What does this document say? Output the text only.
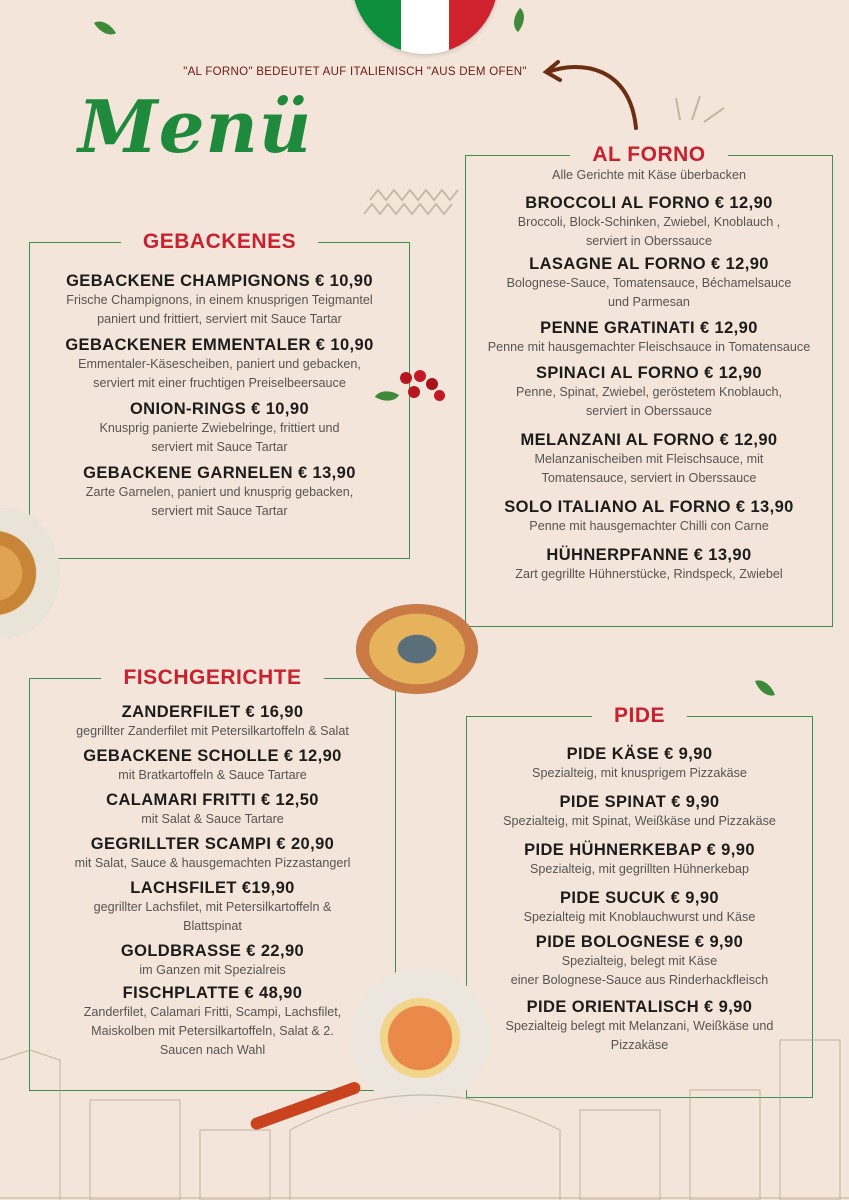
"AL FORNO" BEDEUTET AUF ITALIENISCH "AUS DEM OFEN"
Menü
GEBACKENES
GEBACKENE CHAMPIGNONS € 10,90
Frische Champignons, in einem knusprigen Teigmantel
paniert und frittiert, serviert mit Sauce Tartar
GEBACKENER EMMENTALER € 10,90
Emmentaler-Käsescheiben, paniert und gebacken,
serviert mit einer fruchtigen Preiselbeersauce
ONION-RINGS € 10,90
Knusprig panierte Zwiebelringe, frittiert und
serviert mit Sauce Tartar
GEBACKENE GARNELEN € 13,90
Zarte Garnelen, paniert und knusprig gebacken,
serviert mit Sauce Tartar
AL FORNO
Alle Gerichte mit Käse überbacken
BROCCOLI AL FORNO € 12,90
Broccoli, Block-Schinken, Zwiebel, Knoblauch ,
serviert in Oberssauce
LASAGNE AL FORNO € 12,90
Bolognese-Sauce, Tomatensauce, Béchamelsauce
und Parmesan
PENNE GRATINATI € 12,90
Penne mit hausgemachter Fleischsauce in Tomatensauce
SPINACI AL FORNO € 12,90
Penne, Spinat, Zwiebel, geröstetem Knoblauch,
serviert in Oberssauce
MELANZANI AL FORNO € 12,90
Melanzanischeiben mit Fleischsauce, mit
Tomatensauce, serviert in Oberssauce
SOLO ITALIANO AL FORNO € 13,90
Penne mit hausgemachter Chilli con Carne
HÜHNERPFANNE € 13,90
Zart gegrillte Hühnerstücke, Rindspeck, Zwiebel
FISCHGERICHTE
ZANDERFILET € 16,90
gegrillter Zanderfilet mit Petersilkartoffeln & Salat
GEBACKENE SCHOLLE € 12,90
mit Bratkartoffeln & Sauce Tartare
CALAMARI FRITTI € 12,50
mit Salat & Sauce Tartare
GEGRILLTER SCAMPI € 20,90
mit Salat, Sauce & hausgemachten Pizzastangerl
LACHSFILET €19,90
gegrillter Lachsfilet, mit Petersilkartoffeln &
Blattspinat
GOLDBRASSE € 22,90
im Ganzen mit Spezialreis
FISCHPLATTE € 48,90
Zanderfilet, Calamari Fritti, Scampi, Lachsfilet,
Maiskolben mit Petersilkartoffeln, Salat & 2.
Saucen nach Wahl
PIDE
PIDE KÄSE € 9,90
Spezialteig, mit knusprigem Pizzakäse
PIDE SPINAT € 9,90
Spezialteig, mit Spinat, Weißkäse und Pizzakäse
PIDE HÜHNERKEBAP € 9,90
Spezialteig, mit gegrillten Hühnerkebap
PIDE SUCUK € 9,90
Spezialteig mit Knoblauchwurst und Käse
PIDE BOLOGNESE € 9,90
Spezialteig, belegt mit Käse
einer Bolognese-Sauce aus Rinderhackfleisch
PIDE ORIENTALISCH € 9,90
Spezialteig belegt mit Melanzani, Weißkäse und
Pizzakäse
